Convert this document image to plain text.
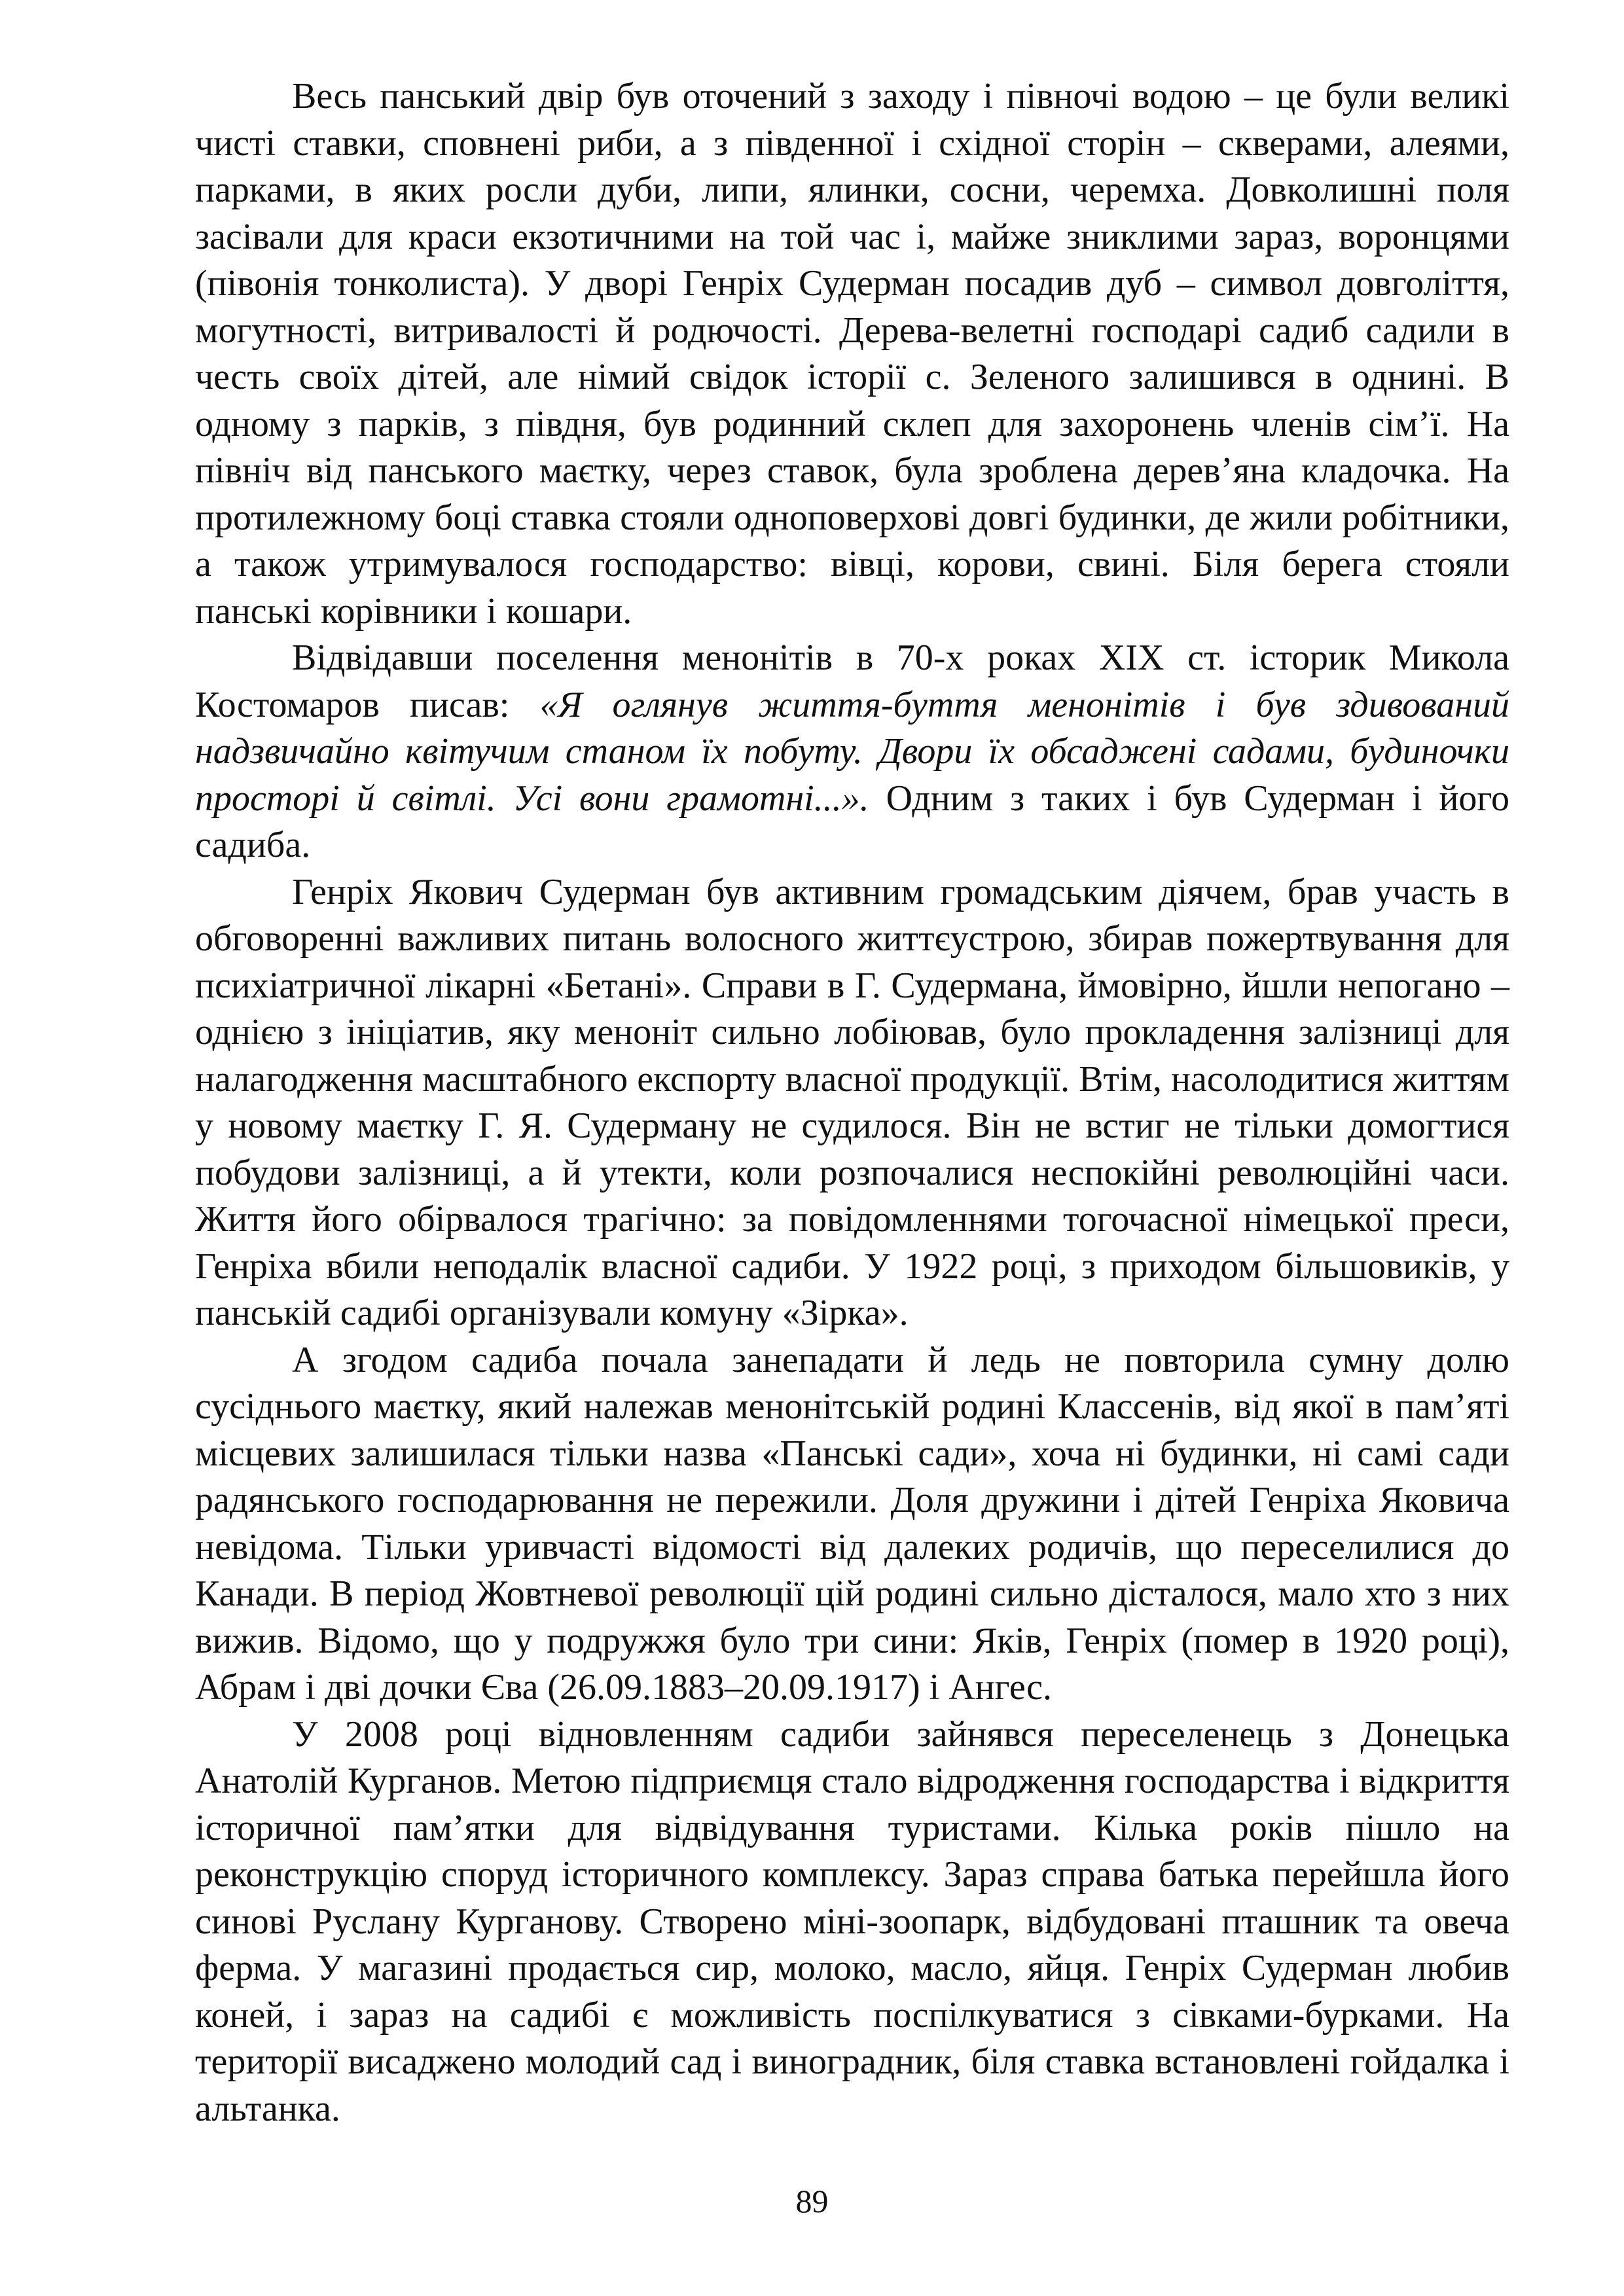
Весь панський двір був оточений з заходу і півночі водою – це були великі чисті ставки, сповнені риби, а з південної і східної сторін – скверами, алеями, парками, в яких росли дуби, липи, ялинки, сосни, черемха. Довколишні поля засівали для краси екзотичними на той час і, майже зниклими зараз, воронцями (півонія тонколиста). У дворі Генріх Судерман посадив дуб – символ довголіття, могутності, витривалості й родючості. Дерева-велетні господарі садиб садили в честь своїх дітей, але німий свідок історії с. Зеленого залишився в однині. В одному з парків, з півдня, був родинний склеп для захоронень членів сім’ї. На північ від панського маєтку, через ставок, була зроблена дерев’яна кладочка. На протилежному боці ставка стояли одноповерхові довгі будинки, де жили робітники, а також утримувалося господарство: вівці, корови, свині. Біля берега стояли панські корівники і кошари.

Відвідавши поселення менонітів в 70-х роках ХІХ ст. історик Микола Костомаров писав: «Я оглянув життя-буття менонітів і був здивований надзвичайно квітучим станом їх побуту. Двори їх обсаджені садами, будиночки просторі й світлі. Усі вони грамотні...». Одним з таких і був Судерман і його садиба.

Генріх Якович Судерман був активним громадським діячем, брав участь в обговоренні важливих питань волосного життєустрою, збирав пожертвування для психіатричної лікарні «Бетані». Справи в Г. Судермана, ймовірно, йшли непогано – однією з ініціатив, яку менонiт сильно лобіював, було прокладення залізниці для налагодження масштабного експорту власної продукції. Втім, насолодитися життям у новому маєтку Г. Я. Судерману не судилося. Він не встиг не тільки домогтися побудови залізниці, а й утекти, коли розпочалися неспокійні революційні часи. Життя його обірвалося трагічно: за повідомленнями тогочасної німецької преси, Генріха вбили неподалік власної садиби. У 1922 році, з приходом більшовиків, у панській садибі організували комуну «Зірка».

А згодом садиба почала занепадати й ледь не повторила сумну долю сусіднього маєтку, який належав менонітській родині Классенів, від якої в пам’яті місцевих залишилася тільки назва «Панські сади», хоча ні будинки, ні самі сади радянського господарювання не пережили. Доля дружини і дітей Генріха Яковича невідома. Тільки уривчасті відомості від далеких родичів, що переселилися до Канади. В період Жовтневої революції цій родині сильно дісталося, мало хто з них вижив. Відомо, що у подружжя було три сини: Яків, Генріх (помер в 1920 році), Абрам і дві дочки Єва (26.09.1883–20.09.1917) і Ангес.

У 2008 році відновленням садиби зайнявся переселенець з Донецька Анатолій Курганов. Метою підприємця стало відродження господарства і відкриття історичної пам’ятки для відвідування туристами. Кілька років пішло на реконструкцію споруд історичного комплексу. Зараз справа батька перейшла його синові Руслану Курганову. Створено міні-зоопарк, відбудовані пташник та овеча ферма. У магазині продається сир, молоко, масло, яйця. Генріх Судерман любив коней, і зараз на садибі є можливість поспілкуватися з сівками-бурками. На території висаджено молодий сад і виноградник, біля ставка встановлені гойдалка і альтанка.

89
